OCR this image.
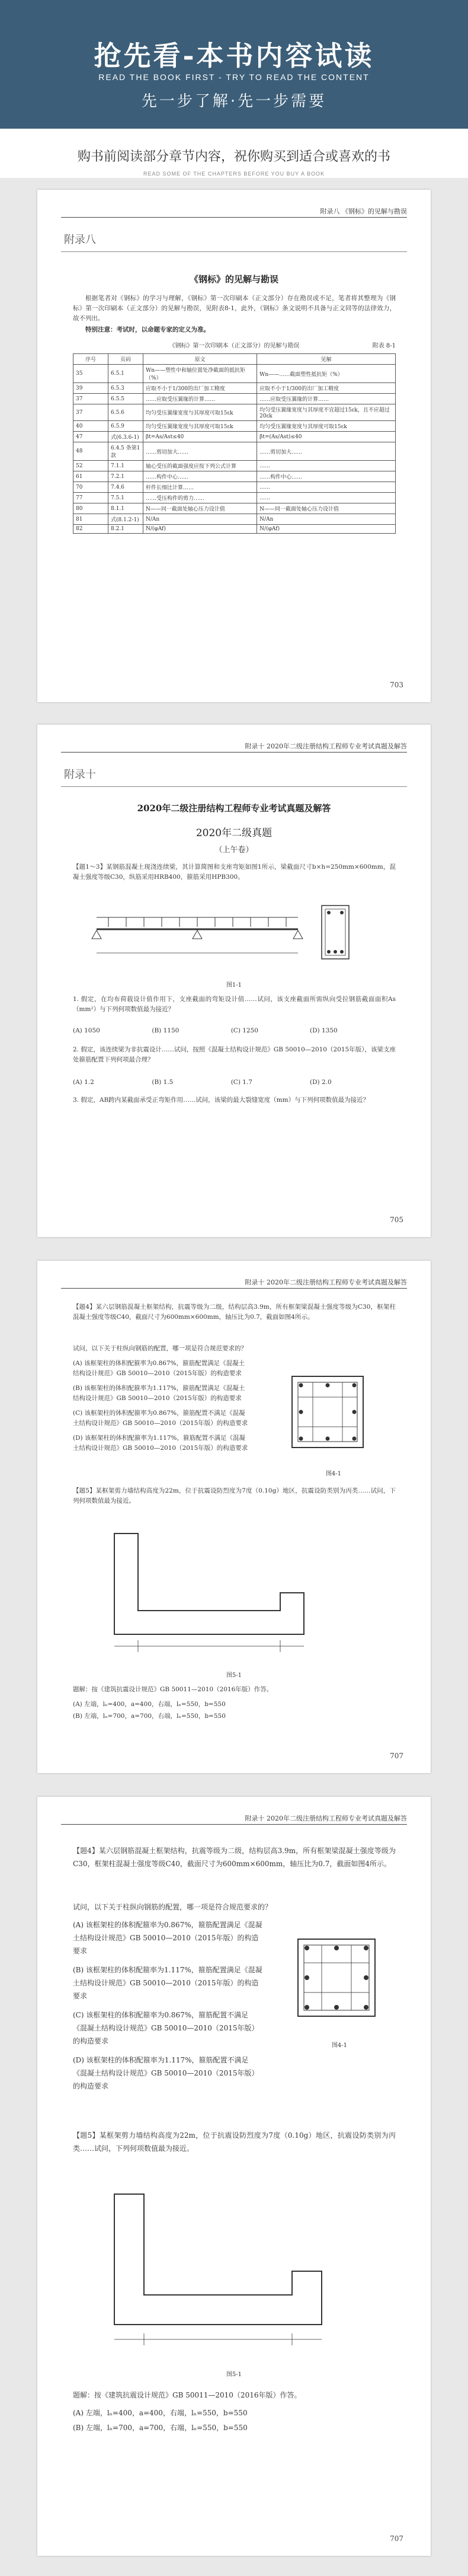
抢先看-本书内容试读
READ THE BOOK FIRST - TRY TO READ THE CONTENT
先一步了解·先一步需要
购书前阅读部分章节内容，祝你购买到适合或喜欢的书
READ SOME OF THE CHAPTERS BEFORE YOU BUY A BOOK
附录八 《钢标》的见解与勘误
附录八
《钢标》的见解与勘误
根据笔者对《钢标》的学习与理解，《钢标》第一次印刷本（正文部分）存在勘误或不足，笔者将其整理为《钢标》第一次印刷本（正文部分）的见解与勘误，见附表8-1，此外，《钢标》条文说明不具备与正文同等的法律效力，故不列出。
特别注意：考试时，以命题专家的定义为准。
《钢标》第一次印刷本（正文部分）的见解与勘误	附表 8-1
序号	页码	原文	见解
35	6.5.1	Wn——塑性中和轴位置处净截面的抵抗矩（%）	Wn——……截面塑性抵抗矩（%）
39	6.5.3	应取不小于1/300的出厂加工精度	应取不小于1/300的出厂加工精度
37	6.5.5	……应取受压翼缘的计算……	……应取受压翼缘的计算……
37	6.5.6	均匀受压翼缘宽度与其厚度可取15εk	均匀受压翼缘宽度与其厚度不宜超过15εk，且不应超过20εk
40	6.5.9	均匀受压翼缘宽度与其厚度可取15εk	均匀受压翼缘宽度与其厚度可取15εk
47	式(6.3.6-1)	βt=As/Ast≤40	βt=(As/Ast)≤40
48	6.4.5 条第1款	……剪切加大……	……剪切加大……
52	7.1.1	轴心受压的截面强度应按下列公式计算	……
61	7.2.1	……构件中心……	……构件中心……
70	7.4.6	杆件长细比计算……	……
77	7.5.1	……受压构件的剪力……	……
80	8.1.1	N——同一截面处轴心压力设计值	N——同一截面处轴心压力设计值
81	式(8.1.2-1)	N/An	N/An
82	8.2.1	N/(φAf)	N/(φAf)
703
附录十 2020年二级注册结构工程师专业考试真题及解答
附录十
2020年二级注册结构工程师专业考试真题及解答
2020年二级真题
（上午卷）
【题1～3】某钢筋混凝土现浇连续梁，其计算简图和支座弯矩如图1所示，梁截面尺寸b×h=250mm×600mm，混凝土强度等级C30，纵筋采用HRB400，箍筋采用HPB300。
图1-1
1. 假定，在均布荷载设计值作用下，支座截面的弯矩设计值……试问，该支座截面所需纵向受拉钢筋截面面积As（mm²）与下列何项数值最为接近？
(A) 1050	(B) 1150	(C) 1250	(D) 1350
2. 假定，该连续梁为非抗震设计……试问，按照《混凝土结构设计规范》GB 50010—2010（2015年版），该梁支座处箍筋配置下列何项最合理？
(A) 1.2	(B) 1.5	(C) 1.7	(D) 2.0
3. 假定，AB跨内某截面承受正弯矩作用……试问，该梁的最大裂缝宽度（mm）与下列何项数值最为接近？
705
附录十 2020年二级注册结构工程师专业考试真题及解答
【题4】某六层钢筋混凝土框架结构，抗震等级为二级，结构层高3.9m，所有框架梁混凝土强度等级为C30，框架柱混凝土强度等级C40，截面尺寸为600mm×600mm，轴压比为0.7，截面如图4所示。
试问，以下关于柱纵向钢筋的配置，哪一项是符合规范要求的？
(A) 该框架柱的体积配箍率为0.867%，箍筋配置满足《混凝土结构设计规范》GB 50010—2010（2015年版）的构造要求
(B) 该框架柱的体积配箍率为1.117%，箍筋配置满足《混凝土结构设计规范》GB 50010—2010（2015年版）的构造要求
(C) 该框架柱的体积配箍率为0.867%，箍筋配置不满足《混凝土结构设计规范》GB 50010—2010（2015年版）的构造要求
(D) 该框架柱的体积配箍率为1.117%，箍筋配置不满足《混凝土结构设计规范》GB 50010—2010（2015年版）的构造要求
图4-1
【题5】某框架剪力墙结构高度为22m，位于抗震设防烈度为7度（0.10g）地区，抗震设防类别为丙类……试问，下列何项数值最为接近。
图5-1
题解：按《建筑抗震设计规范》GB 50011—2010（2016年版）作答。
(A) 左端，lₙ=400，a=400，右端，lₙ=550，b=550
(B) 左端，lₙ=700，a=700，右端，lₙ=550，b=550
707
附录十 2020年二级注册结构工程师专业考试真题及解答
【题4】某六层钢筋混凝土框架结构，抗震等级为二级，结构层高3.9m，所有框架梁混凝土强度等级为C30，框架柱混凝土强度等级C40，截面尺寸为600mm×600mm，轴压比为0.7，截面如图4所示。
试问，以下关于柱纵向钢筋的配置，哪一项是符合规范要求的？
(A) 该框架柱的体积配箍率为0.867%，箍筋配置满足《混凝土结构设计规范》GB 50010—2010（2015年版）的构造要求
(B) 该框架柱的体积配箍率为1.117%，箍筋配置满足《混凝土结构设计规范》GB 50010—2010（2015年版）的构造要求
(C) 该框架柱的体积配箍率为0.867%，箍筋配置不满足《混凝土结构设计规范》GB 50010—2010（2015年版）的构造要求
(D) 该框架柱的体积配箍率为1.117%，箍筋配置不满足《混凝土结构设计规范》GB 50010—2010（2015年版）的构造要求
图4-1
【题5】某框架剪力墙结构高度为22m，位于抗震设防烈度为7度（0.10g）地区，抗震设防类别为丙类……试问，下列何项数值最为接近。
图5-1
题解：按《建筑抗震设计规范》GB 50011—2010（2016年版）作答。
(A) 左端，lₙ=400，a=400，右端，lₙ=550，b=550
(B) 左端，lₙ=700，a=700，右端，lₙ=550，b=550
707
